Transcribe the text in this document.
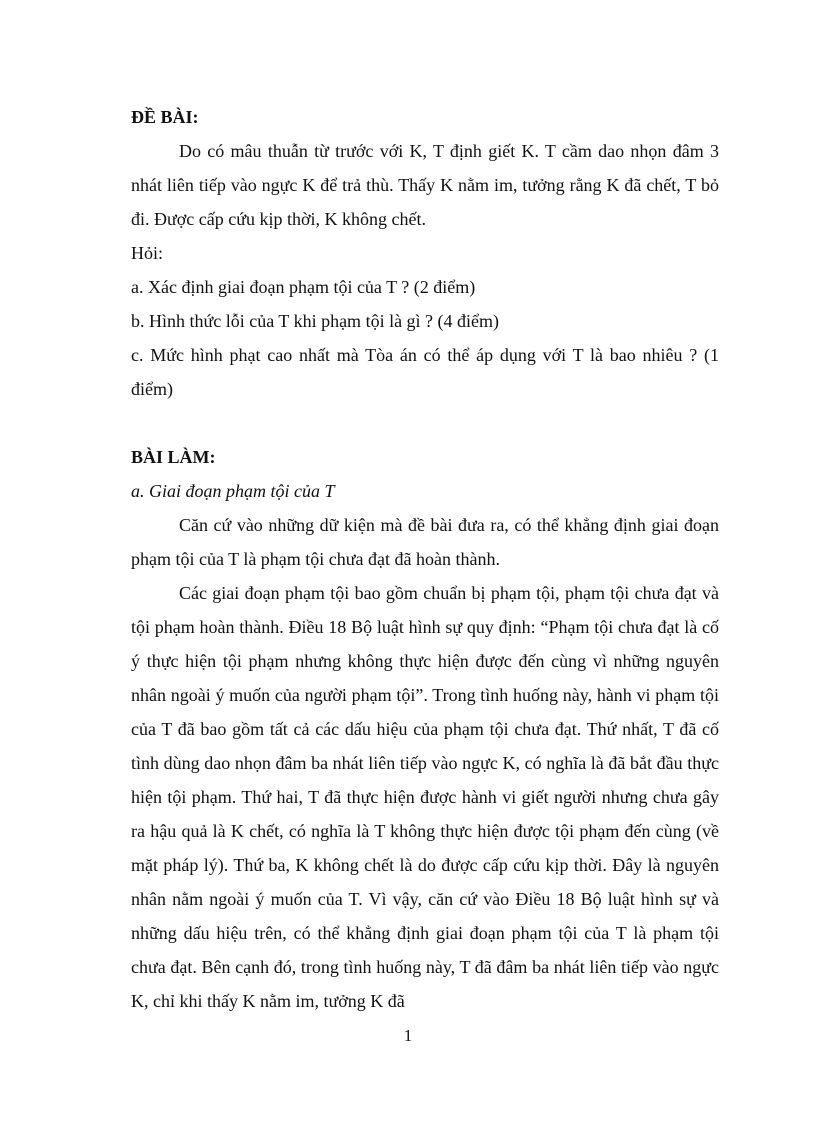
ĐỀ BÀI:

Do có mâu thuẫn từ trước với K, T định giết K. T cầm dao nhọn đâm 3 nhát liên tiếp vào ngực K để trả thù. Thấy K nằm im, tưởng rằng K đã chết, T bỏ đi. Được cấp cứu kịp thời, K không chết.

Hỏi:

a. Xác định giai đoạn phạm tội của T ? (2 điểm)

b. Hình thức lỗi của T khi phạm tội là gì ? (4 điểm)

c. Mức hình phạt cao nhất mà Tòa án có thể áp dụng với T là bao nhiêu ? (1 điểm)

BÀI LÀM:

a. Giai đoạn phạm tội của T

Căn cứ vào những dữ kiện mà đề bài đưa ra, có thể khẳng định giai đoạn phạm tội của T là phạm tội chưa đạt đã hoàn thành.

Các giai đoạn phạm tội bao gồm chuẩn bị phạm tội, phạm tội chưa đạt và tội phạm hoàn thành. Điều 18 Bộ luật hình sự quy định: “Phạm tội chưa đạt là cố ý thực hiện tội phạm nhưng không thực hiện được đến cùng vì những nguyên nhân ngoài ý muốn của người phạm tội”. Trong tình huống này, hành vi phạm tội của T đã bao gồm tất cả các dấu hiệu của phạm tội chưa đạt. Thứ nhất, T đã cố tình dùng dao nhọn đâm ba nhát liên tiếp vào ngực K, có nghĩa là đã bắt đầu thực hiện tội phạm. Thứ hai, T đã thực hiện được hành vi giết người nhưng chưa gây ra hậu quả là K chết, có nghĩa là T không thực hiện được tội phạm đến cùng (về mặt pháp lý). Thứ ba, K không chết là do được cấp cứu kịp thời. Đây là nguyên nhân nằm ngoài ý muốn của T. Vì vậy, căn cứ vào Điều 18 Bộ luật hình sự và những dấu hiệu trên, có thể khẳng định giai đoạn phạm tội của T là phạm tội chưa đạt. Bên cạnh đó, trong tình huống này, T đã đâm ba nhát liên tiếp vào ngực K, chỉ khi thấy K nằm im, tưởng K đã

1
